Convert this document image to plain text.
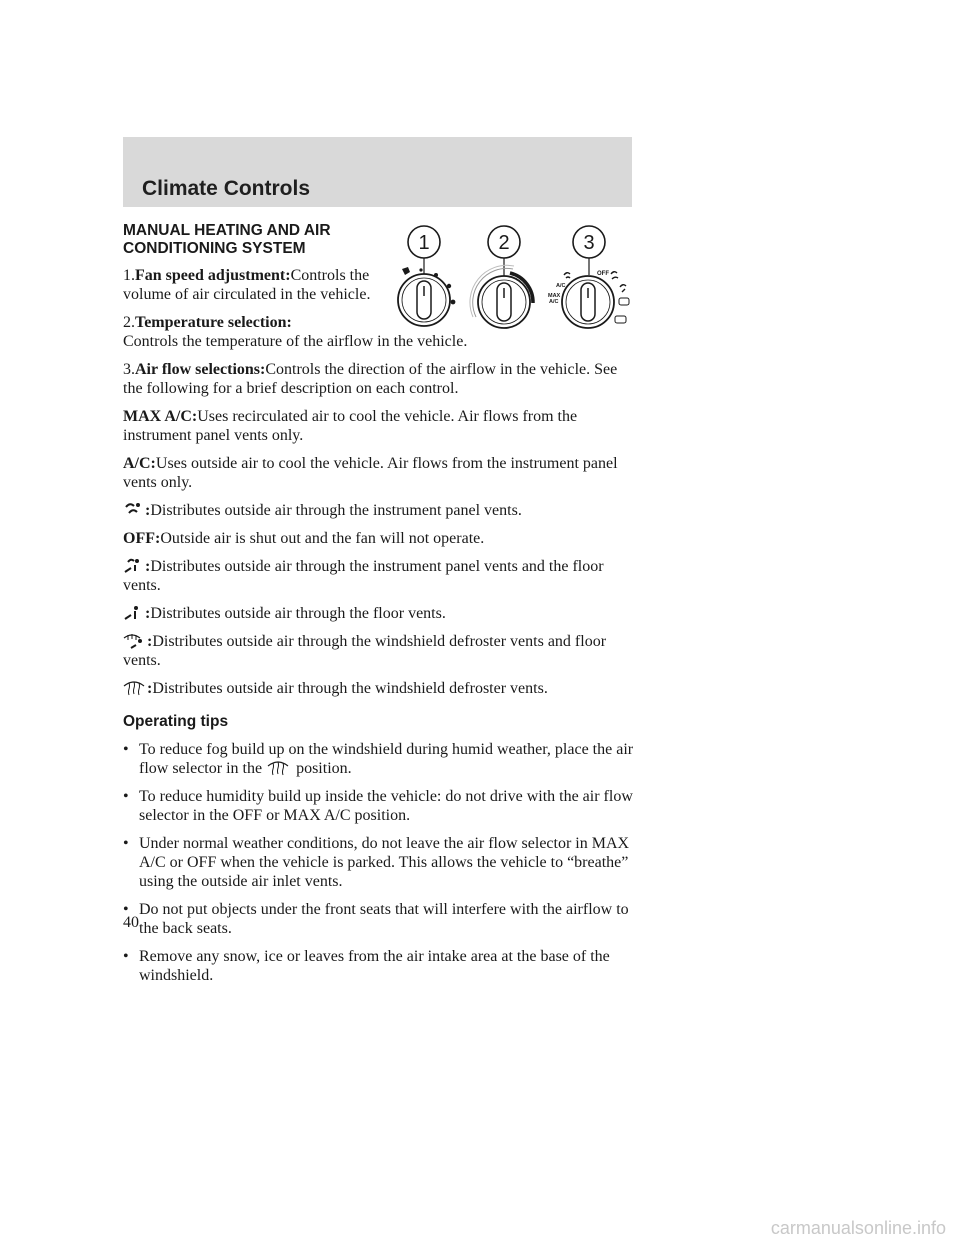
Climate Controls
1	2	3
OFF
A/C
MAX
A/C
MANUAL HEATING AND AIR CONDITIONING SYSTEM

1.Fan speed adjustment:Controls the volume of air circulated in the vehicle.

2.Temperature selection:
Controls the temperature of the airflow in the vehicle.

3.Air flow selections:Controls the direction of the airflow in the vehicle. See the following for a brief description on each control.

MAX A/C:Uses recirculated air to cool the vehicle. Air flows from the instrument panel vents only.

A/C:Uses outside air to cool the vehicle. Air flows from the instrument panel vents only.

:Distributes outside air through the instrument panel vents.

OFF:Outside air is shut out and the fan will not operate.

:Distributes outside air through the instrument panel vents and the floor vents.

:Distributes outside air through the floor vents.

:Distributes outside air through the windshield defroster vents and floor vents.

:Distributes outside air through the windshield defroster vents.

Operating tips
• To reduce fog build up on the windshield during humid weather, place the air flow selector in the position.
• To reduce humidity build up inside the vehicle: do not drive with the air flow selector in the OFF or MAX A/C position.
• Under normal weather conditions, do not leave the air flow selector in MAX A/C or OFF when the vehicle is parked. This allows the vehicle to “breathe” using the outside air inlet vents.
• Do not put objects under the front seats that will interfere with the airflow to the back seats.
• Remove any snow, ice or leaves from the air intake area at the base of the windshield.
40
carmanualsonline.info
